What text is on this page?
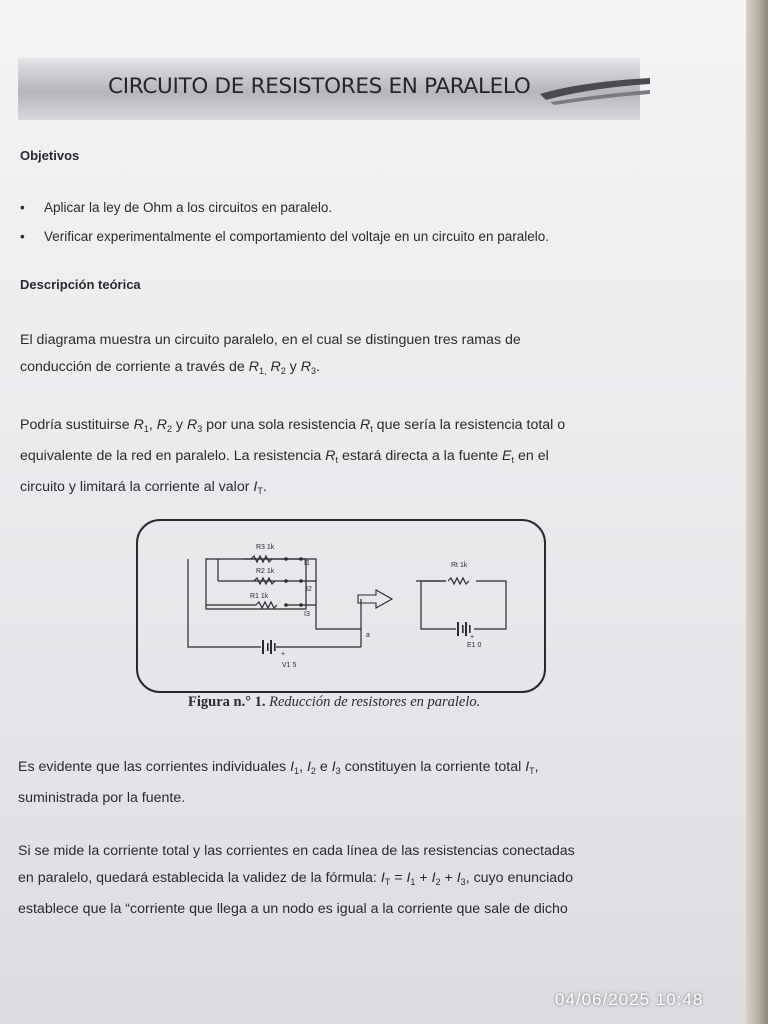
CIRCUITO DE RESISTORES EN PARALELO
Objetivos
• Aplicar la ley de Ohm a los circuitos en paralelo.
• Verificar experimentalmente el comportamiento del voltaje en un circuito en paralelo.
Descripción teórica
El diagrama muestra un circuito paralelo, en el cual se distinguen tres ramas de
conducción de corriente a través de $R_{1,}$ $R_2$ y $R_3$.
Podría sustituirse $R_1$, $R_2$ y $R_3$ por una sola resistencia $R_t$ que sería la resistencia total o
equivalente de la red en paralelo. La resistencia $R_t$ estará directa a la fuente $E_t$ en el
circuito y limitará la corriente al valor $I_T$.
R3 1k
R2 1k
R1 1k
I1
I2
I3
V1 5
+
a
Rt 1k
E1 0
+
Figura n.° 1. Reducción de resistores en paralelo.
Es evidente que las corrientes individuales $I_1$, $I_2$ e $I_3$ constituyen la corriente total $I_T$,
suministrada por la fuente.
Si se mide la corriente total y las corrientes en cada línea de las resistencias conectadas
en paralelo, quedará establecida la validez de la fórmula: $I_T = I_1 + I_2 + I_3$, cuyo enunciado
establece que la “corriente que llega a un nodo es igual a la corriente que sale de dicho
04/06/2025 10:48
